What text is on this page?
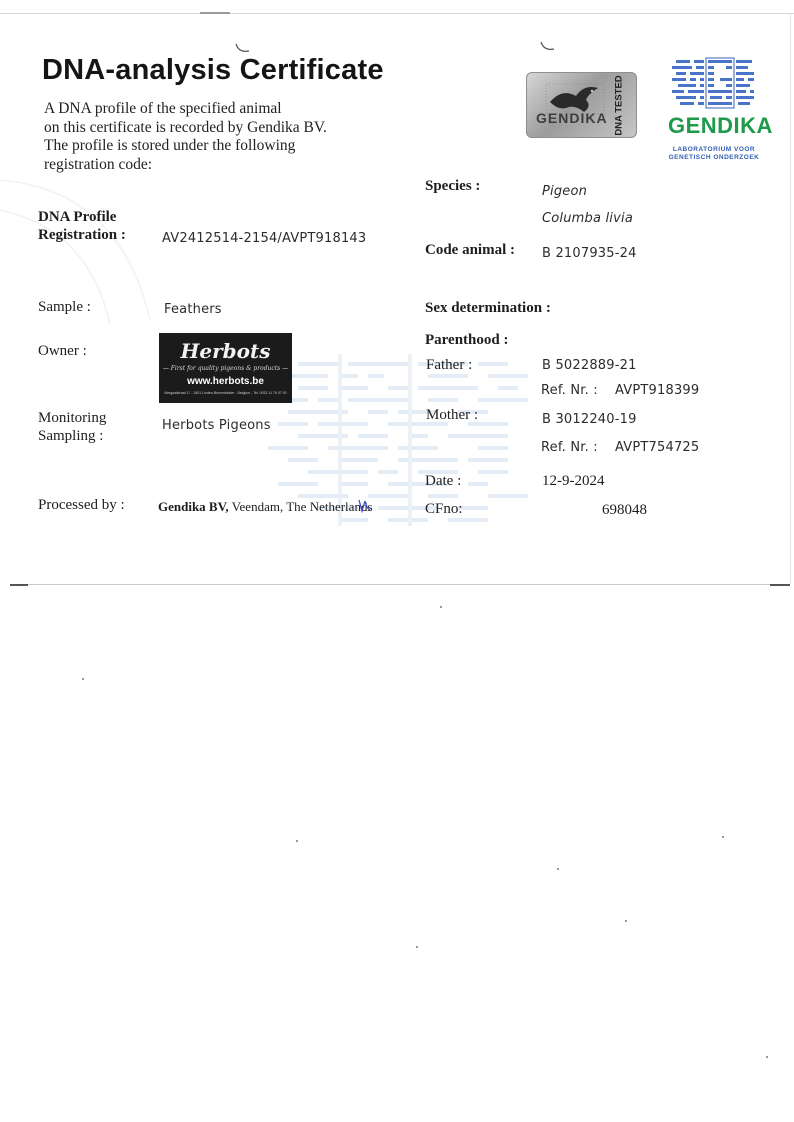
DNA-analysis Certificate
A DNA profile of the specified animal
on this certificate is recorded by Gendika BV.
The profile is stored under the following
registration code:
GENDIKA DNA TESTED GENDIKA
LABORATORIUM VOOR
GENETISCH ONDERZOEK
DNA Profile
Registration :	AV2412514-2154/AVPT918143
Sample :	Feathers
Owner :	Herbots
— First for quality pigeons & products —
www.herbots.be
Metgaalstraat 17 - 3401 Linden-Binnenkelder - Belgium - Tel. 0032 11 76 07 00
Monitoring
Sampling :
Herbots Pigeons
Processed by :	Gendika BV, Veendam, The Netherlands
Species :	Pigeon
Columba livia
Code animal : B 2107935-24
Sex determination :
Parenthood :
Father :	B 5022889-21
Ref. Nr. : AVPT918399
Mother :	B 3012240-19
Ref. Nr. : AVPT754725
Date :	12-9-2024
CFno:	698048
